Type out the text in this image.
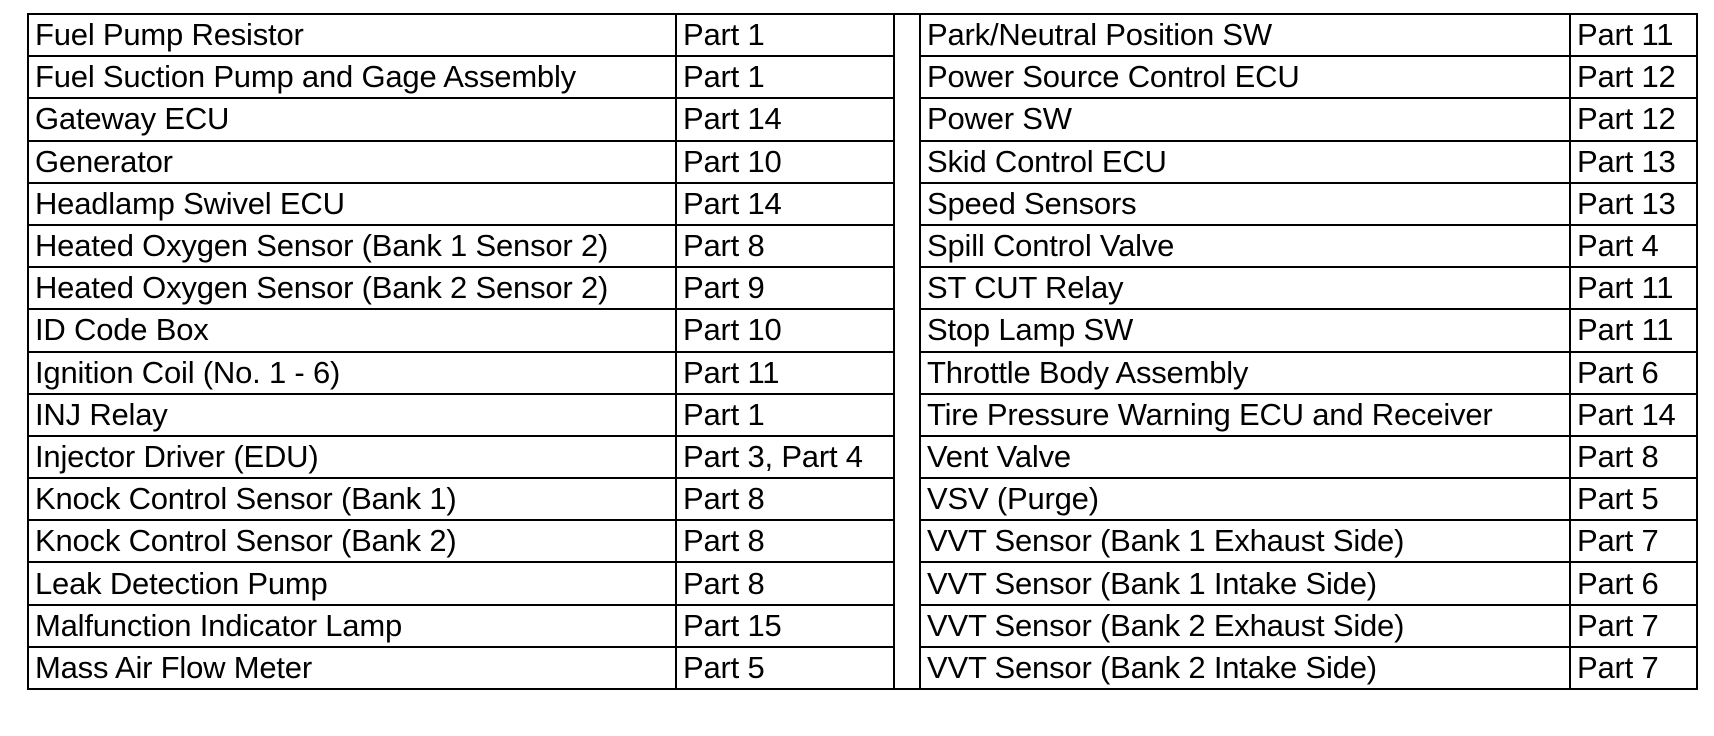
Fuel Pump Resistor	Part 1		Park/Neutral Position SW	Part 11
Fuel Suction Pump and Gage Assembly	Part 1		Power Source Control ECU	Part 12
Gateway ECU	Part 14		Power SW	Part 12
Generator	Part 10		Skid Control ECU	Part 13
Headlamp Swivel ECU	Part 14		Speed Sensors	Part 13
Heated Oxygen Sensor (Bank 1 Sensor 2)	Part 8		Spill Control Valve	Part 4
Heated Oxygen Sensor (Bank 2 Sensor 2)	Part 9		ST CUT Relay	Part 11
ID Code Box	Part 10		Stop Lamp SW	Part 11
Ignition Coil (No. 1 - 6)	Part 11		Throttle Body Assembly	Part 6
INJ Relay	Part 1		Tire Pressure Warning ECU and Receiver	Part 14
Injector Driver (EDU)	Part 3, Part 4		Vent Valve	Part 8
Knock Control Sensor (Bank 1)	Part 8		VSV (Purge)	Part 5
Knock Control Sensor (Bank 2)	Part 8		VVT Sensor (Bank 1 Exhaust Side)	Part 7
Leak Detection Pump	Part 8		VVT Sensor (Bank 1 Intake Side)	Part 6
Malfunction Indicator Lamp	Part 15		VVT Sensor (Bank 2 Exhaust Side)	Part 7
Mass Air Flow Meter	Part 5		VVT Sensor (Bank 2 Intake Side)	Part 7
